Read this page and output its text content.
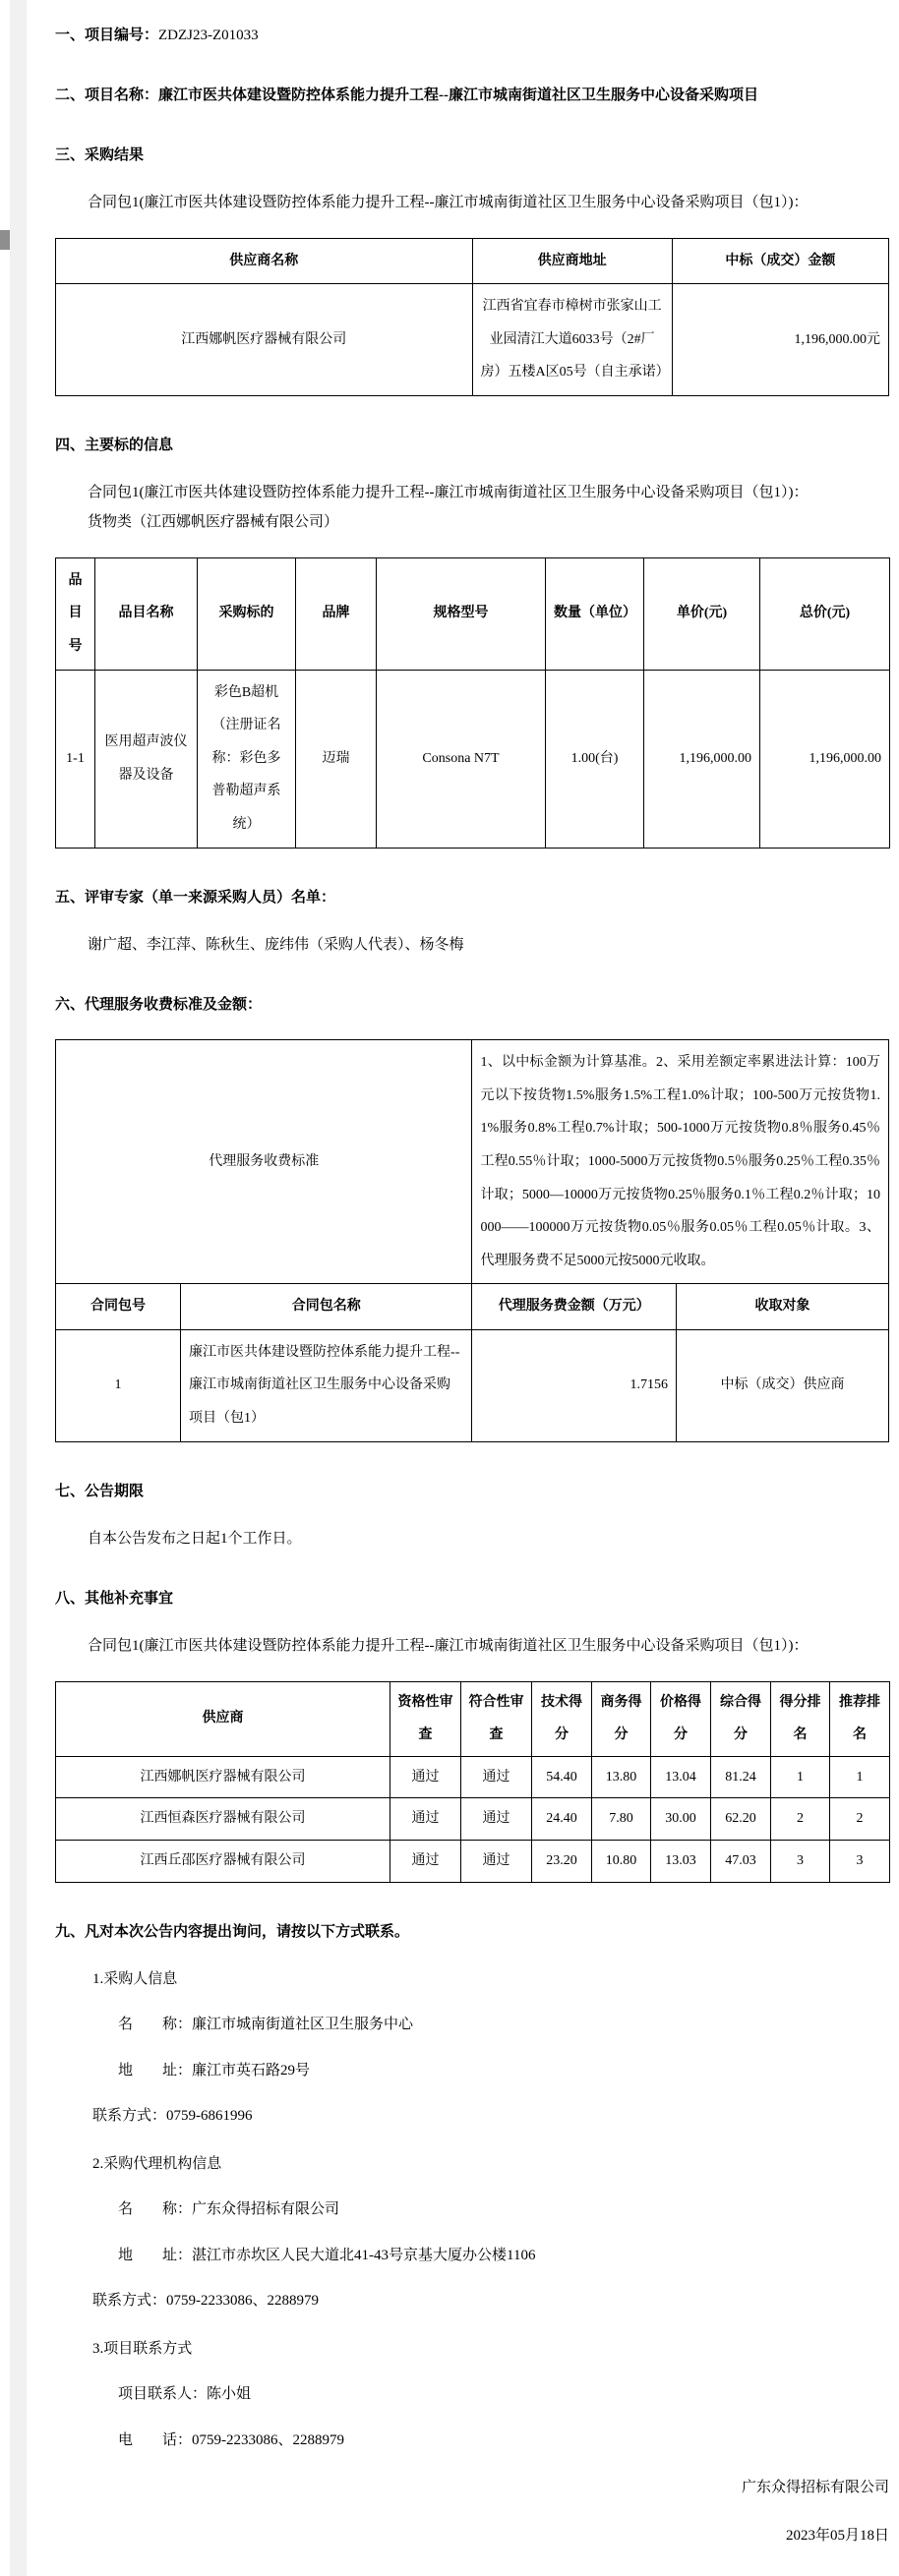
一、项目编号：ZDZJ23-Z01033
二、项目名称：廉江市医共体建设暨防控体系能力提升工程--廉江市城南街道社区卫生服务中心设备采购项目
三、采购结果
合同包1(廉江市医共体建设暨防控体系能力提升工程--廉江市城南街道社区卫生服务中心设备采购项目（包1）)：
供应商名称	供应商地址	中标（成交）金额
江西娜帆医疗器械有限公司	江西省宜春市樟树市张家山工业园清江大道6033号（2#厂房）五楼A区05号（自主承诺）	1,196,000.00元
四、主要标的信息
合同包1(廉江市医共体建设暨防控体系能力提升工程--廉江市城南街道社区卫生服务中心设备采购项目（包1）)：
货物类（江西娜帆医疗器械有限公司）
品目号	品目名称	采购标的	品牌	规格型号	数量（单位）	单价(元)	总价(元)
1-1	医用超声波仪器及设备	彩色B超机（注册证名称：彩色多普勒超声系统）	迈瑞	Consona N7T	1.00(台)	1,196,000.00	1,196,000.00
五、评审专家（单一来源采购人员）名单：
谢广超、李江萍、陈秋生、庞纬伟（采购人代表）、杨冬梅
六、代理服务收费标准及金额：
代理服务收费标准		1、以中标金额为计算基准。2、采用差额定率累进法计算：100万元以下按货物1.5%服务1.5%工程1.0%计取；100-500万元按货物1.1%服务0.8%工程0.7%计取；500-1000万元按货物0.8％服务0.45％工程0.55％计取；1000-5000万元按货物0.5％服务0.25％工程0.35％计取；5000—10000万元按货物0.25％服务0.1％工程0.2％计取；10000——100000万元按货物0.05％服务0.05％工程0.05％计取。3、代理服务费不足5000元按5000元收取。	
合同包号	合同包名称	代理服务费金额（万元）	收取对象
1	廉江市医共体建设暨防控体系能力提升工程--廉江市城南街道社区卫生服务中心设备采购项目（包1）	1.7156	中标（成交）供应商
七、公告期限
自本公告发布之日起1个工作日。
八、其他补充事宜
合同包1(廉江市医共体建设暨防控体系能力提升工程--廉江市城南街道社区卫生服务中心设备采购项目（包1）)：
供应商	资格性审查	符合性审查	技术得分	商务得分	价格得分	综合得分	得分排名	推荐排名
江西娜帆医疗器械有限公司	通过	通过	54.40	13.80	13.04	81.24	1	1
江西恒森医疗器械有限公司	通过	通过	24.40	7.80	30.00	62.20	2	2
江西丘邵医疗器械有限公司	通过	通过	23.20	10.80	13.03	47.03	3	3
九、凡对本次公告内容提出询问，请按以下方式联系。
1.采购人信息
名　　称：廉江市城南街道社区卫生服务中心
地　　址：廉江市英石路29号
联系方式：0759-6861996
2.采购代理机构信息
名　　称：广东众得招标有限公司
地　　址：湛江市赤坎区人民大道北41-43号京基大厦办公楼1106
联系方式：0759-2233086、2288979
3.项目联系方式
项目联系人：陈小姐
电　　话：0759-2233086、2288979
广东众得招标有限公司
2023年05月18日
